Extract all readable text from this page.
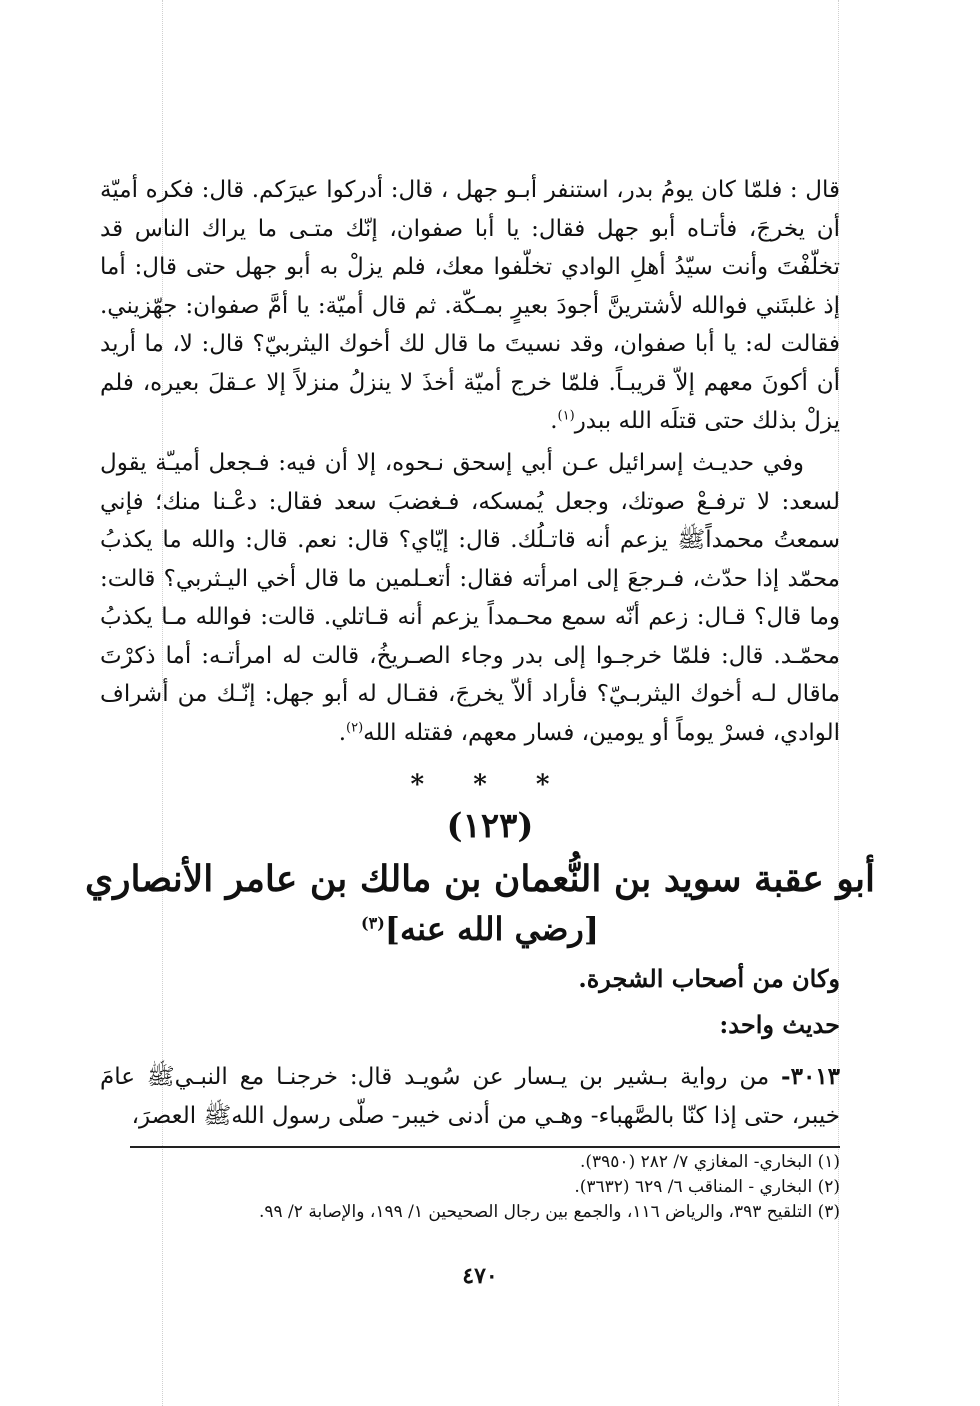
قال : فلمّا كان يومُ بدر، استنفر أبـو جهل ، قال: أدركوا عيرَكم. قال: فكره أميّة أن يخرجَ، فأتـاه أبو جهل فقال: يا أبا صفوان، إنّك متـى ما يراك الناس قد تخلّفْتَ وأنت سيّدُ أهلِ الوادي تخلّفوا معك، فلم يزلْ به أبو جهل حتى قال: أما إذ غلبتَني فوالله لأشترينَّ أجودَ بعيرٍ بمـكّة. ثم قال أميّة: يا أمَّ صفوان: جهّزيني. فقالت له: يا أبا صفوان، وقد نسيتَ ما قال لك أخوك اليثربيّ؟ قال: لا، ما أريد أن أكونَ معهم إلاّ قريبـاً. فلمّا خرج أميّة أخذَ لا ينزلُ منزلاً إلا عـقلَ بعيره، فلم يزلْ بذلك حتى قتلَه الله ببدر$^{(١)}$.

وفي حديـث إسرائيل عـن أبي إسحق نـحوه، إلا أن فيه: فـجعل أميـّة يقول لسعد: لا ترفـعْ صوتك، وجعل يُمسكه، فـغضبَ سعد فقال: دعْـنا منك؛ فإني سمعتُ محمداًﷺ يزعم أنه قاتـلُك. قال: إيّاي؟ قال: نعم. قال: والله ما يكذبُ محمّد إذا حدّث، فـرجعَ إلى امرأته فقال: أتعـلمين ما قال أخي اليـثربي؟ قالت: وما قال؟ قـال: زعم أنّه سمع محـمداً يزعم أنه قـاتلي. قالت: فوالله مـا يكذبُ محمّـد. قال: فلمّا خرجـوا إلى بدر وجاء الصـريخُ، قالت له امرأتـه: أما ذكرْتَ ماقال لـه أخوك اليثربـيّ؟ فأراد ألاّ يخرجَ، فقـال له أبو جهل: إنّـك من أشراف الوادي، فسرْ يوماً أو يومين، فسار معهم، فقتله الله$^{(٢)}$.

* * *
(١٢٣)
أبو عقبة سويد بن النُّعمان بن مالك بن عامر الأنصاري
[رضي الله عنه]$^{(٣)}$
وكان من أصحاب الشجرة.
حديث واحد:
٣٠١٣- من رواية بـشير بن يـسار عن سُويـد قال: خرجنـا مع النبـيﷺ عامَ خيبر، حتى إذا كنّا بالصَّهباء- وهـي من أدنى خيبر- صلّى رسول اللهﷺ العصرَ،
(١) البخاري- المغازي ٧/ ٢٨٢ (٣٩٥٠).
(٢) البخاري - المناقب ٦/ ٦٢٩ (٣٦٣٢).
(٣) التلقيح ٣٩٣، والرياض ١١٦، والجمع بين رجال الصحيحين ١/ ١٩٩، والإصابة ٢/ ٩٩.
٤٧٠
